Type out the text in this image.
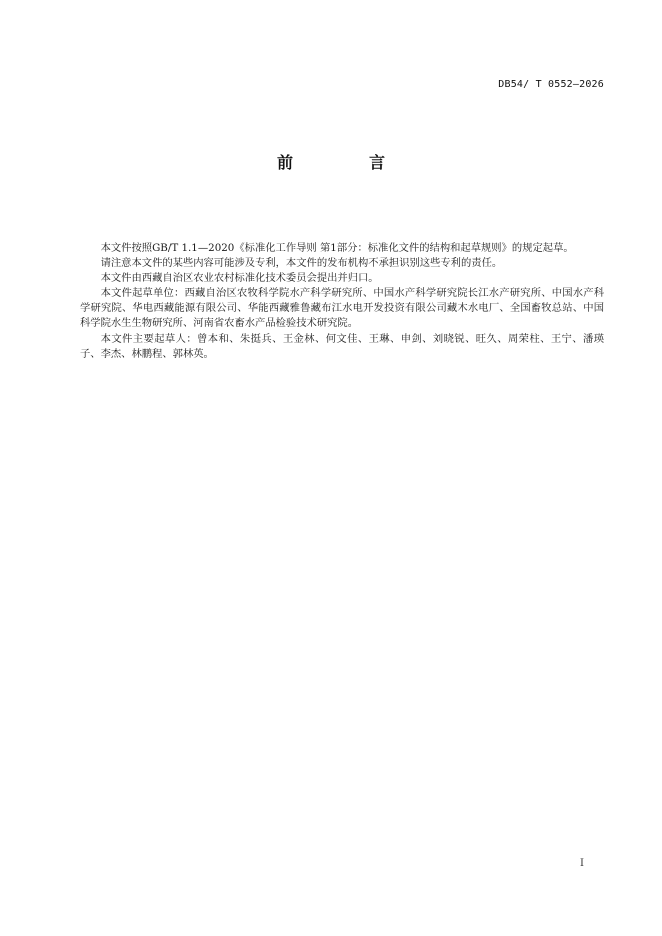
DB54/ T 0552—2026
前　言

本文件按照GB/T 1.1—2020《标准化工作导则 第1部分：标准化文件的结构和起草规则》的规定起草。

请注意本文件的某些内容可能涉及专利，本文件的发布机构不承担识别这些专利的责任。

本文件由西藏自治区农业农村标准化技术委员会提出并归口。

本文件起草单位：西藏自治区农牧科学院水产科学研究所、中国水产科学研究院长江水产研究所、中国水产科学研究院、华电西藏能源有限公司、华能西藏雅鲁藏布江水电开发投资有限公司藏木水电厂、全国畜牧总站、中国科学院水生生物研究所、河南省农畜水产品检验技术研究院。

本文件主要起草人：曾本和、朱挺兵、王金林、何文佳、王琳、申剑、刘晓锐、旺久、周荣柱、王宁、潘瑛子、李杰、林鹏程、郭林英。

I
